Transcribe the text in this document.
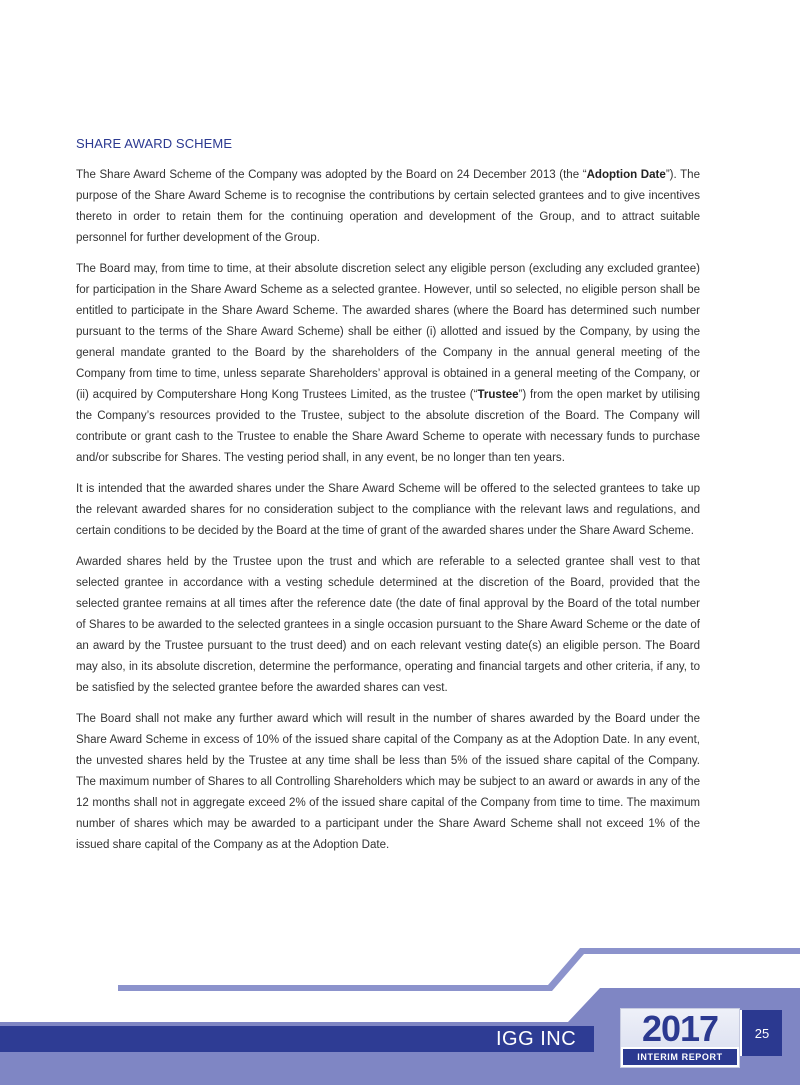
SHARE AWARD SCHEME

The Share Award Scheme of the Company was adopted by the Board on 24 December 2013 (the “Adoption Date”). The purpose of the Share Award Scheme is to recognise the contributions by certain selected grantees and to give incentives thereto in order to retain them for the continuing operation and development of the Group, and to attract suitable personnel for further development of the Group.

The Board may, from time to time, at their absolute discretion select any eligible person (excluding any excluded grantee) for participation in the Share Award Scheme as a selected grantee. However, until so selected, no eligible person shall be entitled to participate in the Share Award Scheme. The awarded shares (where the Board has determined such number pursuant to the terms of the Share Award Scheme) shall be either (i) allotted and issued by the Company, by using the general mandate granted to the Board by the shareholders of the Company in the annual general meeting of the Company from time to time, unless separate Shareholders’ approval is obtained in a general meeting of the Company, or (ii) acquired by Computershare Hong Kong Trustees Limited, as the trustee (“Trustee”) from the open market by utilising the Company’s resources provided to the Trustee, subject to the absolute discretion of the Board. The Company will contribute or grant cash to the Trustee to enable the Share Award Scheme to operate with necessary funds to purchase and/or subscribe for Shares. The vesting period shall, in any event, be no longer than ten years.

It is intended that the awarded shares under the Share Award Scheme will be offered to the selected grantees to take up the relevant awarded shares for no consideration subject to the compliance with the relevant laws and regulations, and certain conditions to be decided by the Board at the time of grant of the awarded shares under the Share Award Scheme.

Awarded shares held by the Trustee upon the trust and which are referable to a selected grantee shall vest to that selected grantee in accordance with a vesting schedule determined at the discretion of the Board, provided that the selected grantee remains at all times after the reference date (the date of final approval by the Board of the total number of Shares to be awarded to the selected grantees in a single occasion pursuant to the Share Award Scheme or the date of an award by the Trustee pursuant to the trust deed) and on each relevant vesting date(s) an eligible person. The Board may also, in its absolute discretion, determine the performance, operating and financial targets and other criteria, if any, to be satisfied by the selected grantee before the awarded shares can vest.

The Board shall not make any further award which will result in the number of shares awarded by the Board under the Share Award Scheme in excess of 10% of the issued share capital of the Company as at the Adoption Date. In any event, the unvested shares held by the Trustee at any time shall be less than 5% of the issued share capital of the Company. The maximum number of Shares to all Controlling Shareholders which may be subject to an award or awards in any of the 12 months shall not in aggregate exceed 2% of the issued share capital of the Company from time to time. The maximum number of shares which may be awarded to a participant under the Share Award Scheme shall not exceed 1% of the issued share capital of the Company as at the Adoption Date.

IGG INC	2017
INTERIM REPORT
25
